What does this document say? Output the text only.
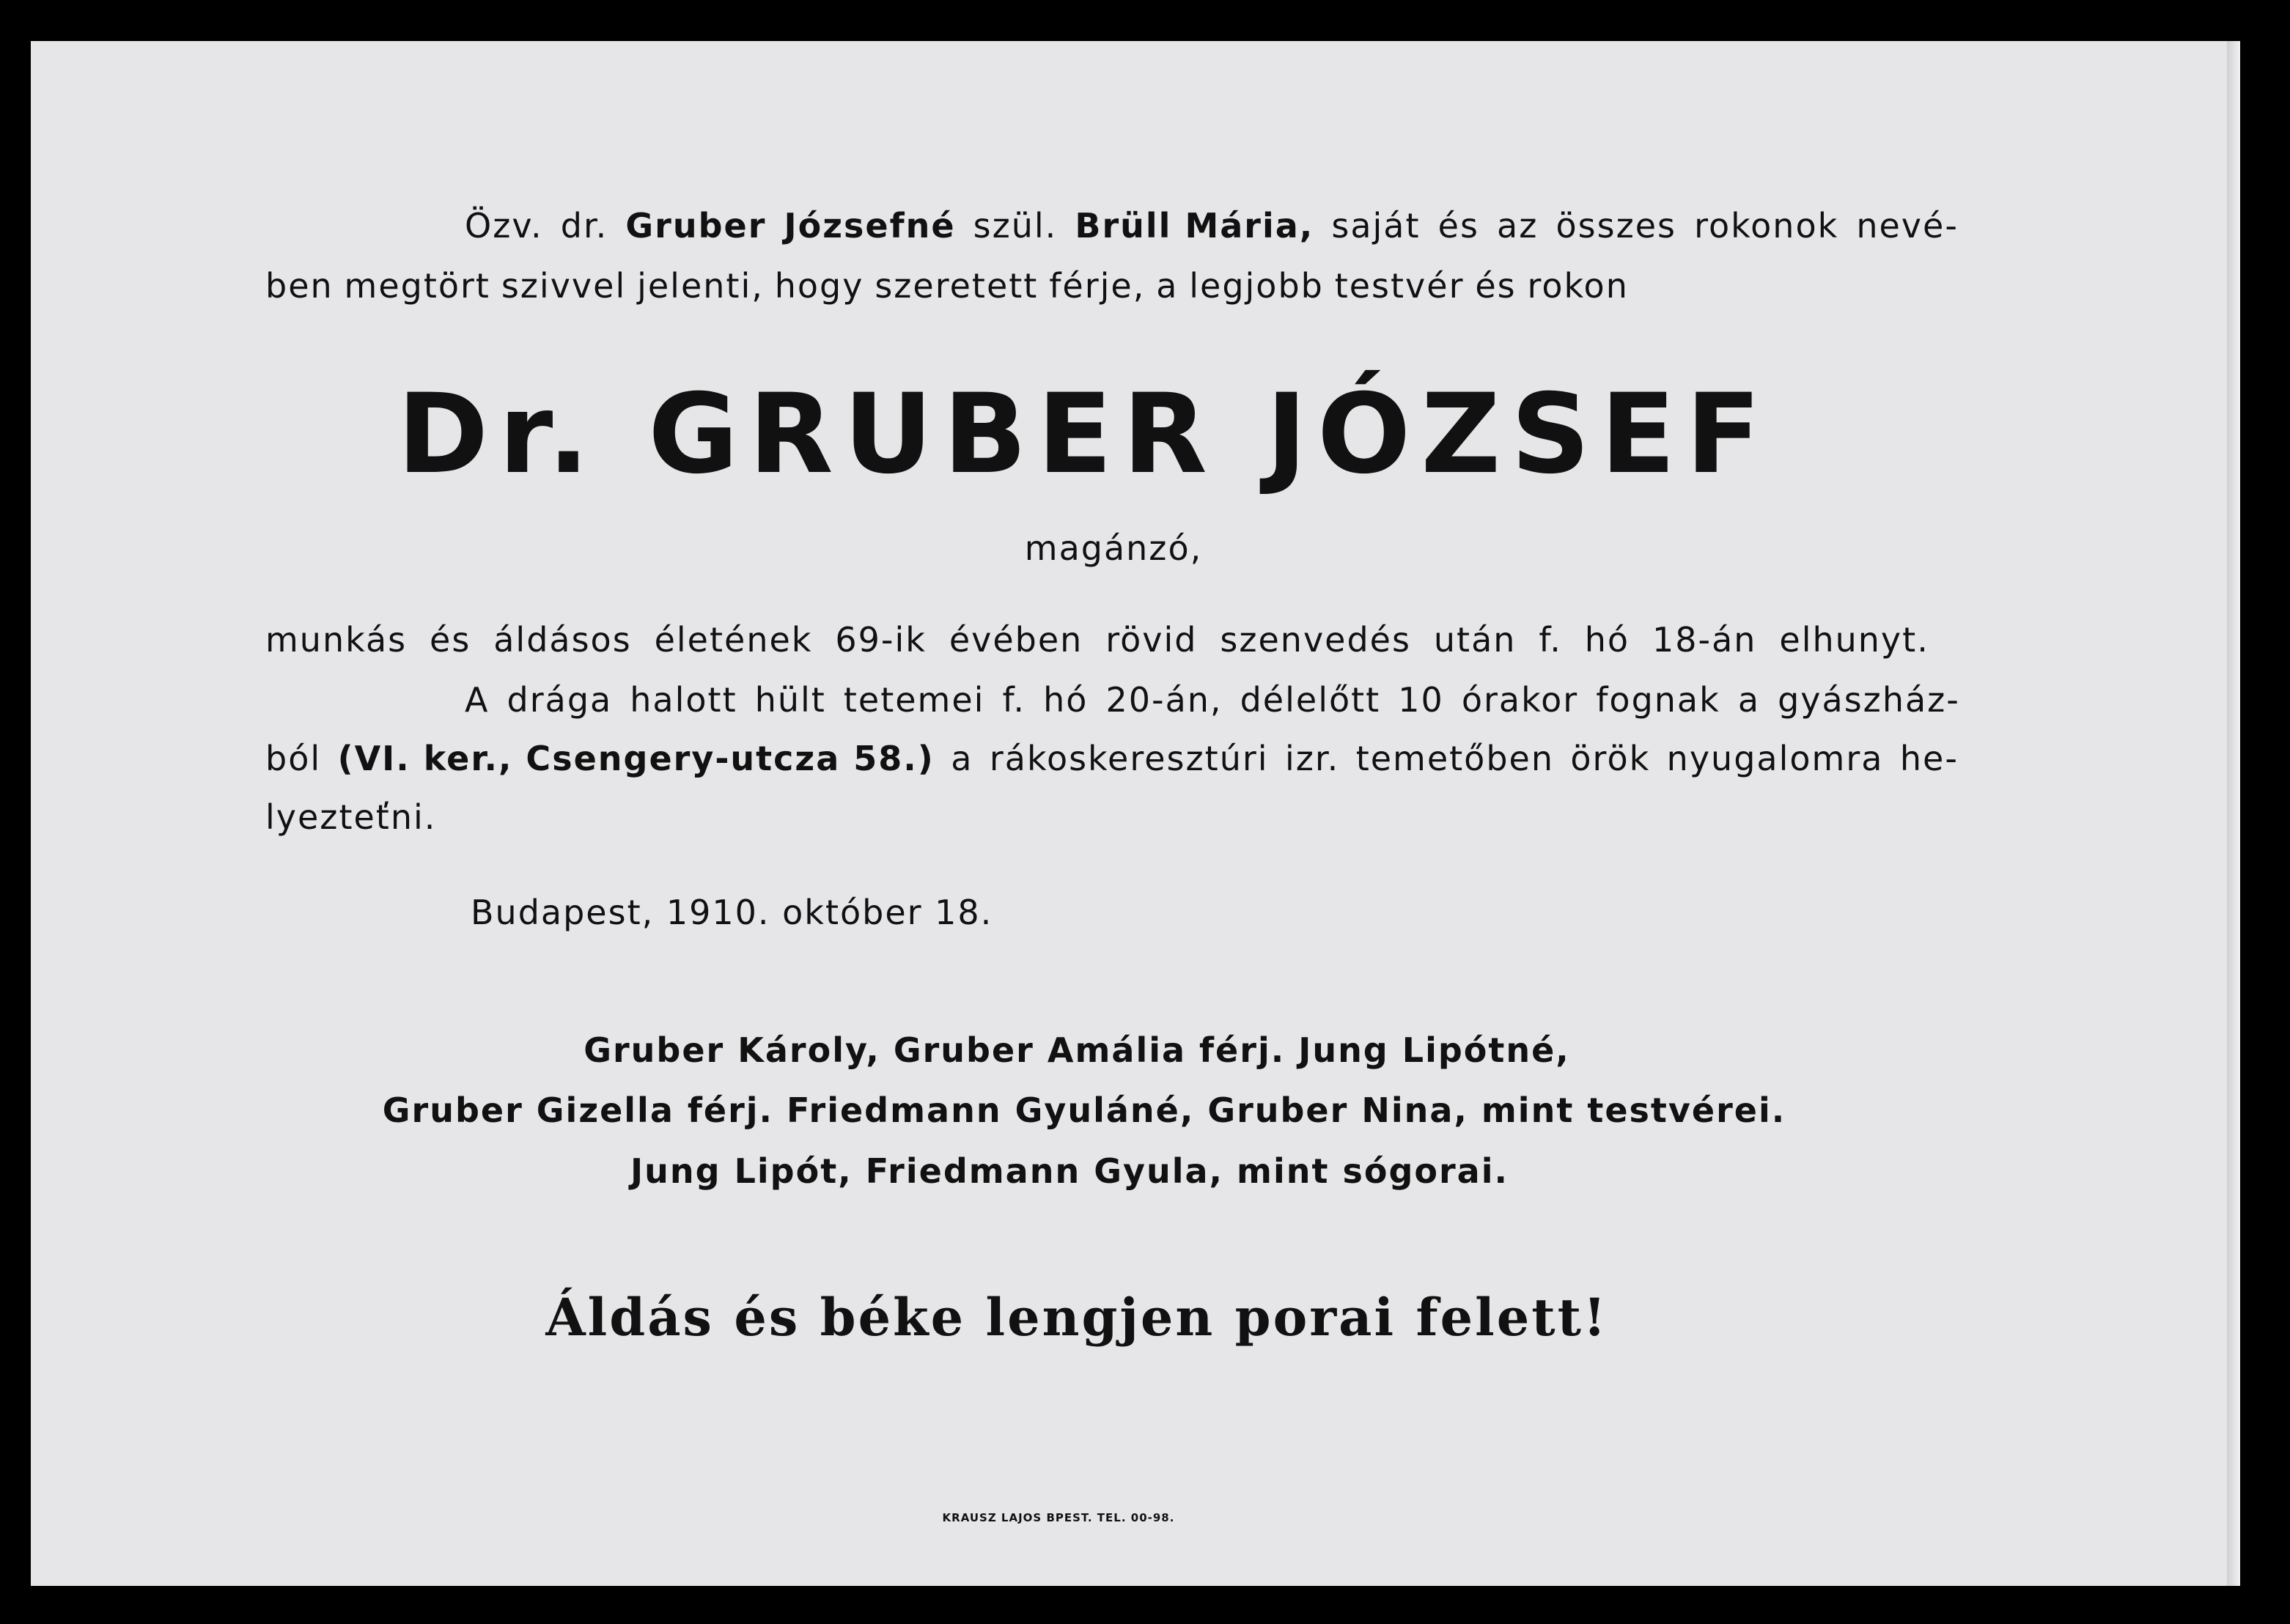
Özv. dr. Gruber Józsefné szül. Brüll Mária, saját és az összes rokonok nevé-
ben megtört szivvel jelenti, hogy szeretett férje, a legjobb testvér és rokon
Dr. GRUBER JÓZSEF
magánzó,
munkás és áldásos életének 69-ik évében rövid szenvedés után f. hó 18-án elhunyt.
A drága halott hült tetemei f. hó 20-án, délelőtt 10 órakor fognak a gyászház-
ból (VI. ker., Csengery-utcza 58.) a rákoskeresztúri izr. temetőben örök nyugalomra he-
lyezteťni.
Budapest, 1910. október 18.
Gruber Károly, Gruber Amália férj. Jung Lipótné,
Gruber Gizella férj. Friedmann Gyuláné, Gruber Nina, mint testvérei.
Jung Lipót, Friedmann Gyula, mint sógorai.
Áldás és béke lengjen porai felett!
KRAUSZ LAJOS BPEST. TEL. 00-98.
